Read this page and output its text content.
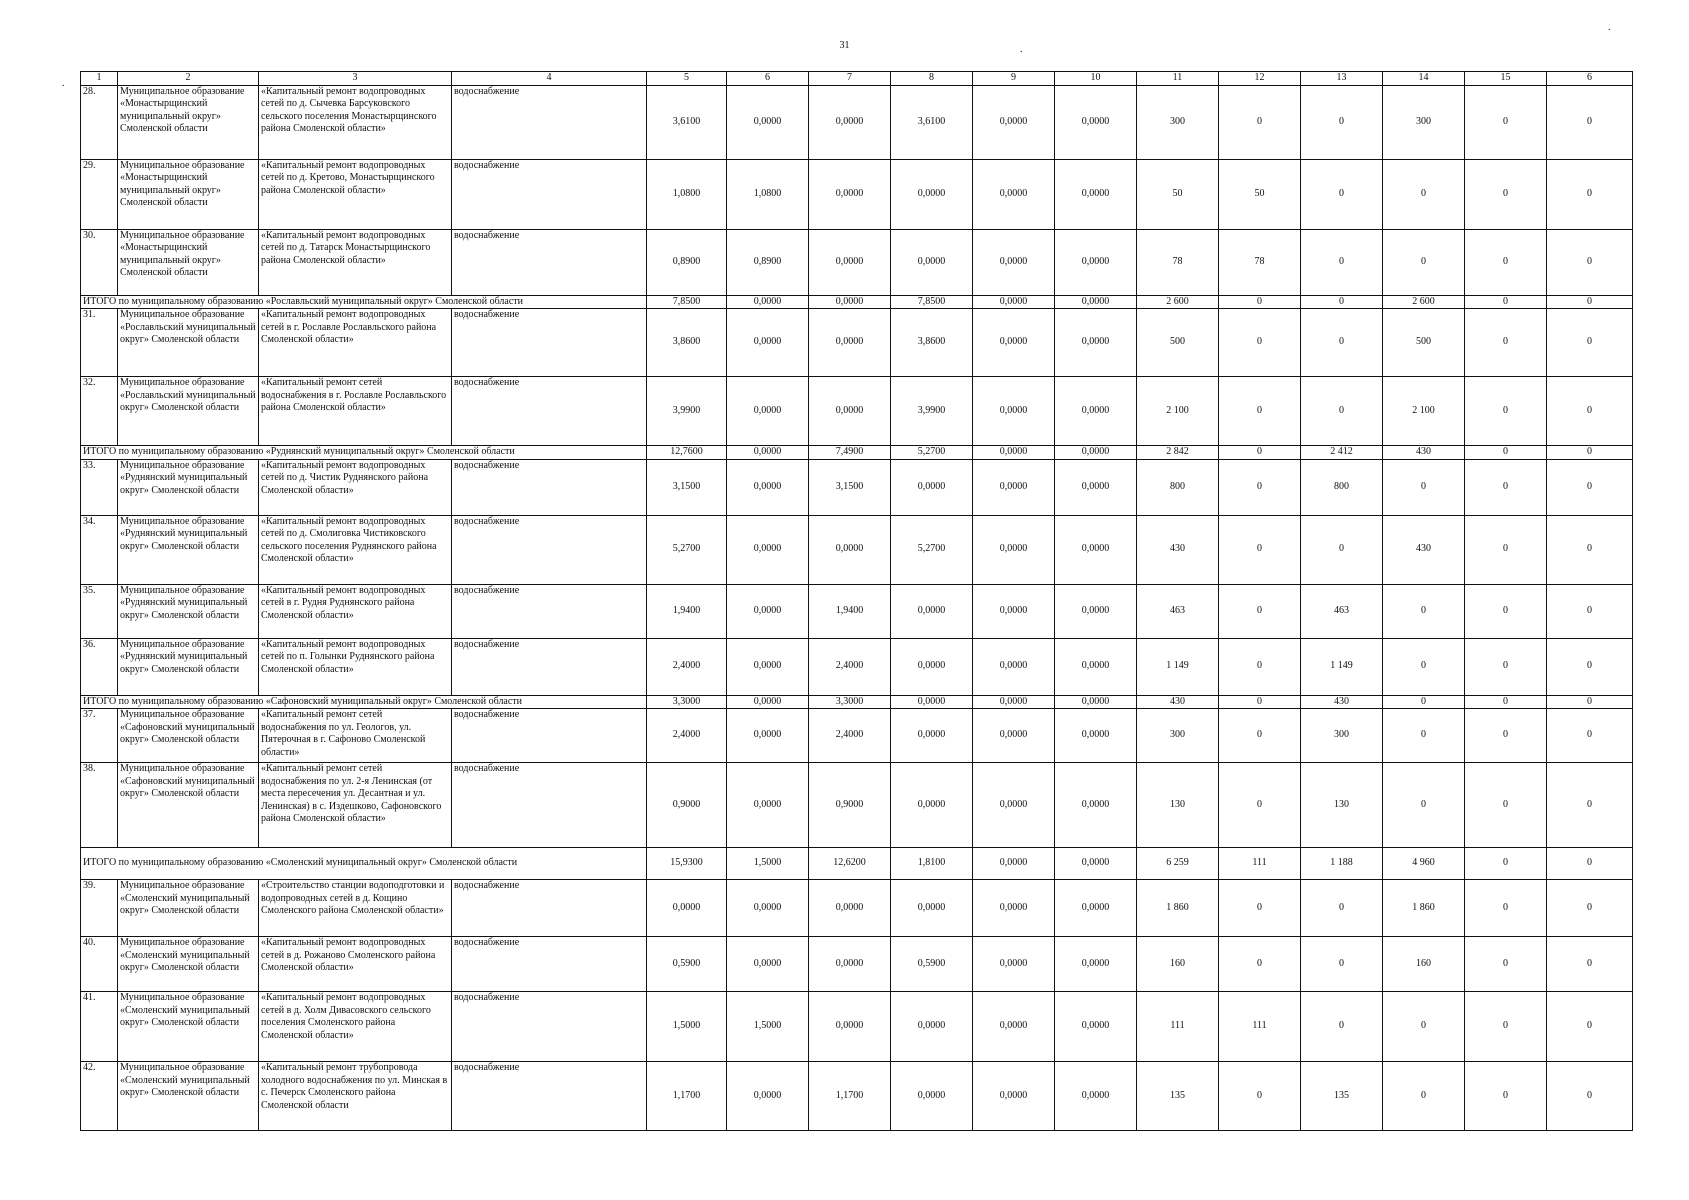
31
1	2	3	4	5	6	7	8	9	10	11	12	13	14	15	6
28.	Муниципальное образование «Монастырщинский муниципальный округ» Смоленской области	«Капитальный ремонт водопроводных сетей по д. Сычевка Барсуковского сельского поселения Монастырщинского района Смоленской области»	водоснабжение	3,6100	0,0000	0,0000	3,6100	0,0000	0,0000	300	0	0	300	0	0
29.	Муниципальное образование «Монастырщинский муниципальный округ» Смоленской области	«Капитальный ремонт водопроводных сетей по д. Кретово, Монастырщинского района Смоленской области»	водоснабжение	1,0800	1,0800	0,0000	0,0000	0,0000	0,0000	50	50	0	0	0	0
30.	Муниципальное образование «Монастырщинский муниципальный округ» Смоленской области	«Капитальный ремонт водопроводных сетей по д. Татарск Монастырщинского района Смоленской области»	водоснабжение	0,8900	0,8900	0,0000	0,0000	0,0000	0,0000	78	78	0	0	0	0
ИТОГО по муниципальному образованию «Рославльский муниципальный округ» Смоленской области				7,8500	0,0000	0,0000	7,8500	0,0000	0,0000	2 600	0	0	2 600	0	0
31.	Муниципальное образование «Рославльский муниципальный округ» Смоленской области	«Капитальный ремонт водопроводных сетей в г. Рославле Рославльского района Смоленской области»	водоснабжение	3,8600	0,0000	0,0000	3,8600	0,0000	0,0000	500	0	0	500	0	0
32.	Муниципальное образование «Рославльский муниципальный округ» Смоленской области	«Капитальный ремонт сетей водоснабжения в г. Рославле Рославльского района Смоленской области»	водоснабжение	3,9900	0,0000	0,0000	3,9900	0,0000	0,0000	2 100	0	0	2 100	0	0
ИТОГО по муниципальному образованию «Руднянский муниципальный округ» Смоленской области				12,7600	0,0000	7,4900	5,2700	0,0000	0,0000	2 842	0	2 412	430	0	0
33.	Муниципальное образование «Руднянский муниципальный округ» Смоленской области	«Капитальный ремонт водопроводных сетей по д. Чистик Руднянского района Смоленской области»	водоснабжение	3,1500	0,0000	3,1500	0,0000	0,0000	0,0000	800	0	800	0	0	0
34.	Муниципальное образование «Руднянский муниципальный округ» Смоленской области	«Капитальный ремонт водопроводных сетей по д. Смолиговка Чистиковского сельского поселения Руднянского района Смоленской области»	водоснабжение	5,2700	0,0000	0,0000	5,2700	0,0000	0,0000	430	0	0	430	0	0
35.	Муниципальное образование «Руднянский муниципальный округ» Смоленской области	«Капитальный ремонт водопроводных сетей в г. Рудня Руднянского района Смоленской области»	водоснабжение	1,9400	0,0000	1,9400	0,0000	0,0000	0,0000	463	0	463	0	0	0
36.	Муниципальное образование «Руднянский муниципальный округ» Смоленской области	«Капитальный ремонт водопроводных сетей по п. Голынки Руднянского района Смоленской области»	водоснабжение	2,4000	0,0000	2,4000	0,0000	0,0000	0,0000	1 149	0	1 149	0	0	0
ИТОГО по муниципальному образованию «Сафоновский муниципальный округ» Смоленской области				3,3000	0,0000	3,3000	0,0000	0,0000	0,0000	430	0	430	0	0	0
37.	Муниципальное образование «Сафоновский муниципальный округ» Смоленской области	«Капитальный ремонт сетей водоснабжения по ул. Геологов, ул. Пятерочная в г. Сафоново Смоленской области»	водоснабжение	2,4000	0,0000	2,4000	0,0000	0,0000	0,0000	300	0	300	0	0	0
38.	Муниципальное образование «Сафоновский муниципальный округ» Смоленской области	«Капитальный ремонт сетей водоснабжения по ул. 2-я Ленинская (от места пересечения ул. Десантная и ул. Ленинская) в с. Издешково, Сафоновского района Смоленской области»	водоснабжение	0,9000	0,0000	0,9000	0,0000	0,0000	0,0000	130	0	130	0	0	0
ИТОГО по муниципальному образованию «Смоленский муниципальный округ» Смоленской области				15,9300	1,5000	12,6200	1,8100	0,0000	0,0000	6 259	111	1 188	4 960	0	0
39.	Муниципальное образование «Смоленский муниципальный округ» Смоленской области	«Строительство станции водоподготовки и водопроводных сетей в д. Кощино Смоленского района Смоленской области»	водоснабжение	0,0000	0,0000	0,0000	0,0000	0,0000	0,0000	1 860	0	0	1 860	0	0
40.	Муниципальное образование «Смоленский муниципальный округ» Смоленской области	«Капитальный ремонт водопроводных сетей в д. Рожаново Смоленского района Смоленской области»	водоснабжение	0,5900	0,0000	0,0000	0,5900	0,0000	0,0000	160	0	0	160	0	0
41.	Муниципальное образование «Смоленский муниципальный округ» Смоленской области	«Капитальный ремонт водопроводных сетей в д. Холм Дивасовского сельского поселения Смоленского района Смоленской области»	водоснабжение	1,5000	1,5000	0,0000	0,0000	0,0000	0,0000	111	111	0	0	0	0
42.	Муниципальное образование «Смоленский муниципальный округ» Смоленской области	«Капитальный ремонт трубопровода холодного водоснабжения по ул. Минская в с. Печерск Смоленского района Смоленской области	водоснабжение	1,1700	0,0000	1,1700	0,0000	0,0000	0,0000	135	0	135	0	0	0
.
.
.
